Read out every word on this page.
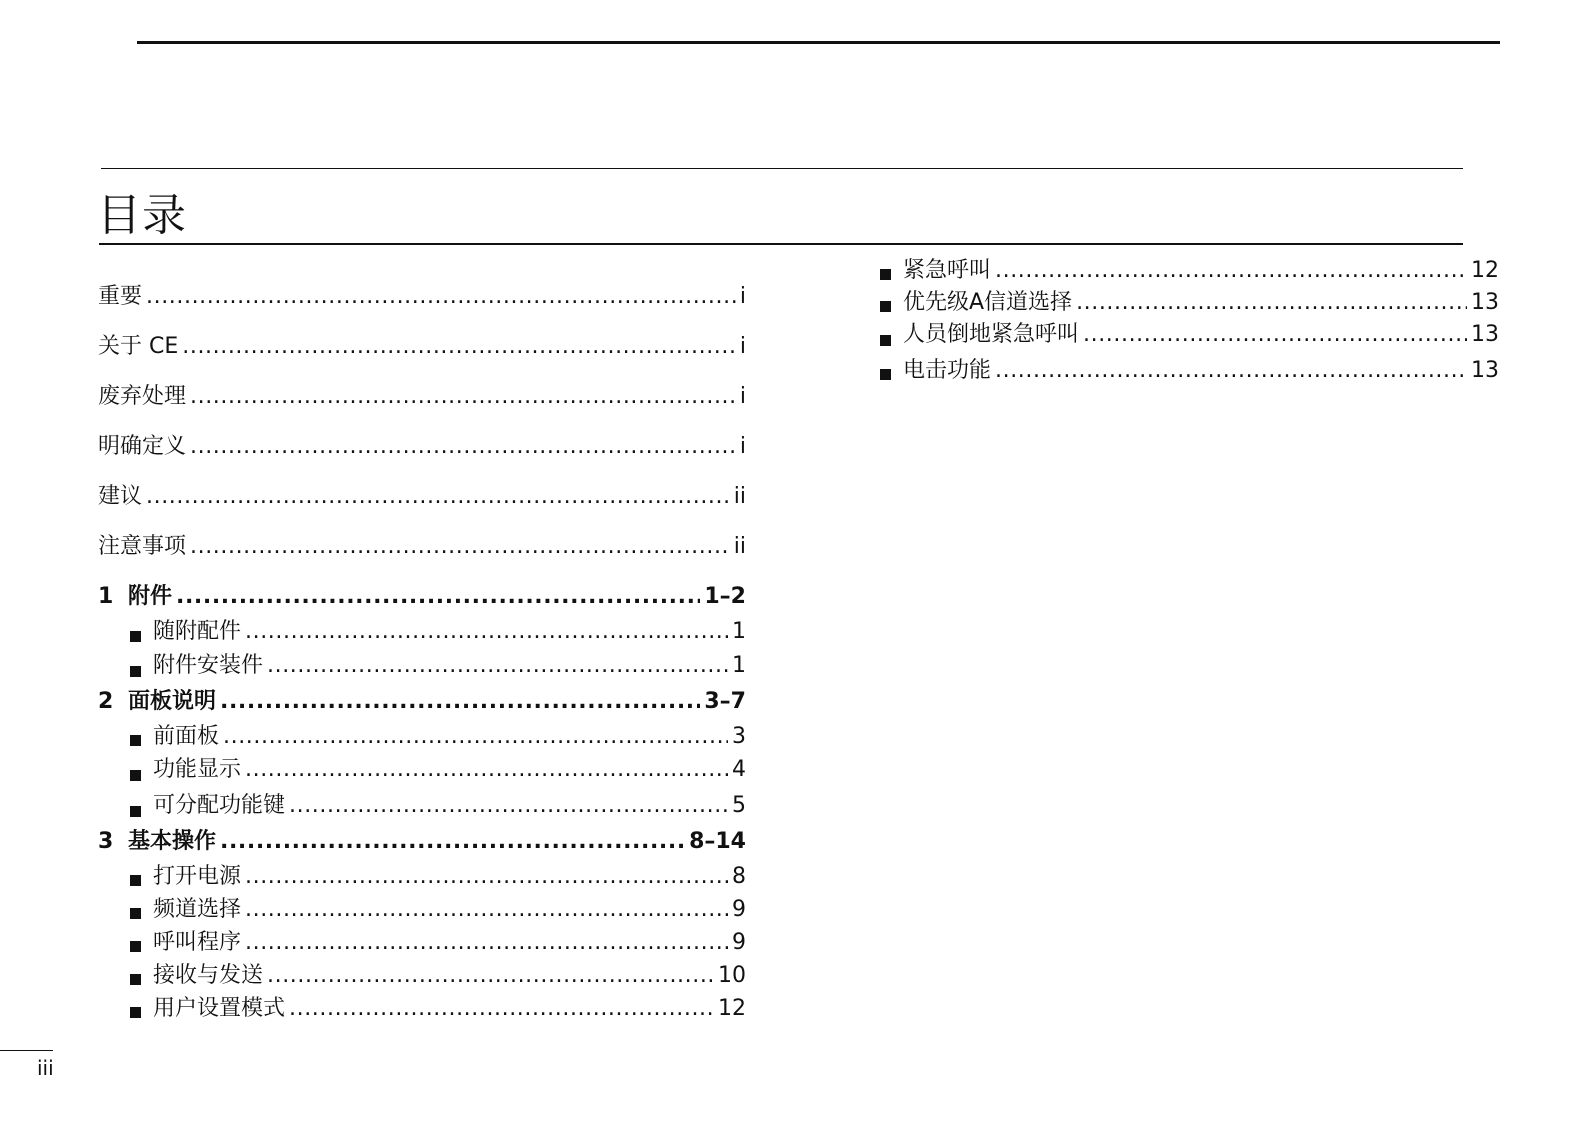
目录
重要 .....	i
关于 CE .....	i
废弃处理 .....	i
明确定义 .....	i
建议 .....	ii
注意事项 .....	ii
1 附件 .....	1–2
随附配件 .....	1
附件安装件 .....	1
2 面板说明 .....	3–7
前面板 .....	3
功能显示 .....	4
可分配功能键 .....	5
3 基本操作 .....	8–14
打开电源 .....	8
频道选择 .....	9
呼叫程序 .....	9
接收与发送 .....	10
用户设置模式 .....	12
紧急呼叫 .....	12
优先级A信道选择 .....	13
人员倒地紧急呼叫 .....	13
电击功能 .....	13
iii
